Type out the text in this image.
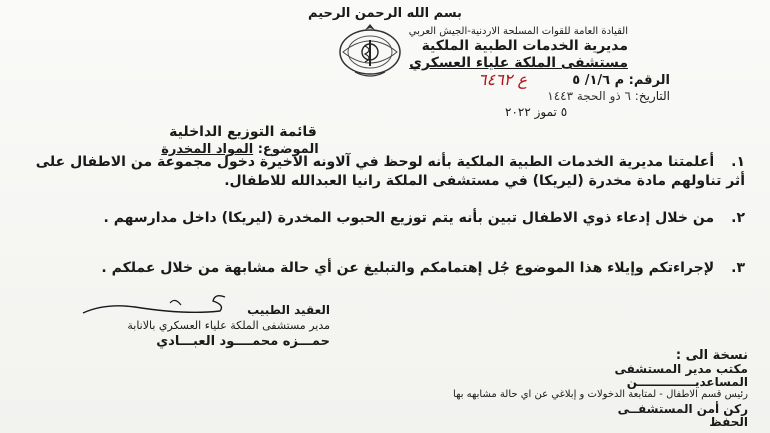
بسم الله الرحمن الرحيم
القيادة العامة للقوات المسلحة الاردنية-الجيش العربي
مديرية الخدمات الطبية الملكية
مستشفى الملكة علياء العسكري
الرقم: م ١/٦/ ٥
ع ٦٤٦٢
التاريخ: ٦ ذو الحجة ١٤٤٣
٥ تموز ٢٠٢٢
قائمة التوزيع الداخلية
الموضوع: المواد المخدرة
١. أعلمتنا مديرية الخدمات الطبية الملكية بأنه لوحظ في آلاونه الاخيرة دخول مجموعة من الاطفال على أثر تناولهم مادة مخدرة (ليريكا) في مستشفى الملكة رانيا العبدالله للاطفال.
٢. من خلال إدعاء ذوي الاطفال تبين بأنه يتم توزيع الحبوب المخدرة (ليريكا) داخل مدارسهم .
٣. لإجراءتكم وإيلاء هذا الموضوع جُل إهتمامكم والتبليغ عن أي حالة مشابهة من خلال عملكم .
العقيد الطبيب
مدير مستشفى الملكة علياء العسكري بالانابة
حمـــزه محمــــود العبـــادي
نسخة الى :
مكتب مدير المستشفى
المساعديــــــــــــــن
رئيس قسم الاطفال - لمتابعة الدخولات و إبلاغي عن اي حالة مشابهه بها
ركن أمن المستشفــى
الحفظ
